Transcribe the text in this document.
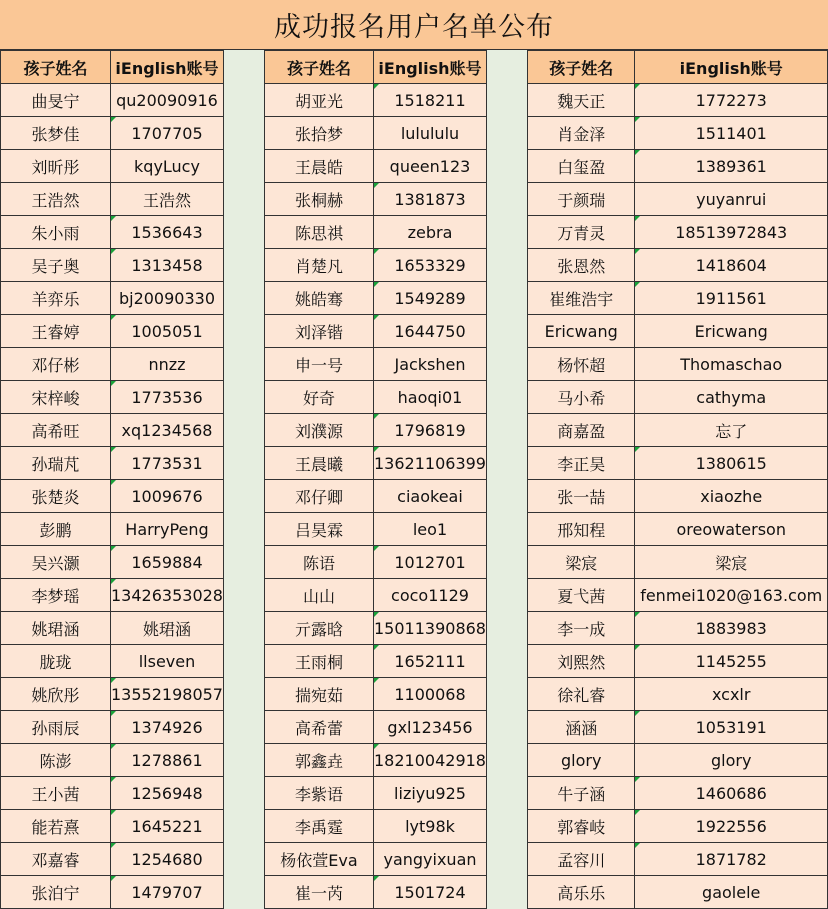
成功报名用户名单公布
孩子姓名	iEnglish账号
曲旻宁	qu20090916
张梦佳	1707705
刘昕彤	kqyLucy
王浩然	王浩然
朱小雨	1536643
吴子奥	1313458
羊弈乐	bj20090330
王睿婷	1005051
邓仔彬	nnzz
宋梓峻	1773536
高希旺	xq1234568
孙瑞芃	1773531
张楚炎	1009676
彭鹏	HarryPeng
吴兴灏	1659884
李梦瑶	13426353028
姚珺涵	姚珺涵
胧珑	llseven
姚欣彤	13552198057
孙雨辰	1374926
陈澎	1278861
王小茜	1256948
能若熹	1645221
邓嘉睿	1254680
张泊宁	1479707
孩子姓名	iEnglish账号
胡亚光	1518211
张拾梦	lulululu
王晨皓	queen123
张桐赫	1381873
陈思祺	zebra
肖楚凡	1653329
姚皓骞	1549289
刘泽锴	1644750
申一号	Jackshen
好奇	haoqi01
刘濮源	1796819
王晨曦	13621106399
邓仔卿	ciaokeai
吕昊霖	leo1
陈语	1012701
山山	coco1129
亓露晗	15011390868
王雨桐	1652111
揣宛茹	1100068
高希蕾	gxl123456
郭鑫垚	18210042918
李紫语	liziyu925
李禹霆	lyt98k
杨依萱Eva	yangyixuan
崔一芮	1501724
孩子姓名	iEnglish账号
魏天正	1772273
肖金泽	1511401
白玺盈	1389361
于颜瑞	yuyanrui
万青灵	18513972843
张恩然	1418604
崔维浩宇	1911561
Ericwang	Ericwang
杨怀超	Thomaschao
马小希	cathyma
商嘉盈	忘了
李正昊	1380615
张一喆	xiaozhe
邢知程	oreowaterson
梁宸	梁宸
夏弋茜	fenmei1020@163.com
李一成	1883983
刘熙然	1145255
徐礼睿	xcxlr
涵涵	1053191
glory	glory
牛子涵	1460686
郭睿岐	1922556
孟容川	1871782
高乐乐	gaolele
